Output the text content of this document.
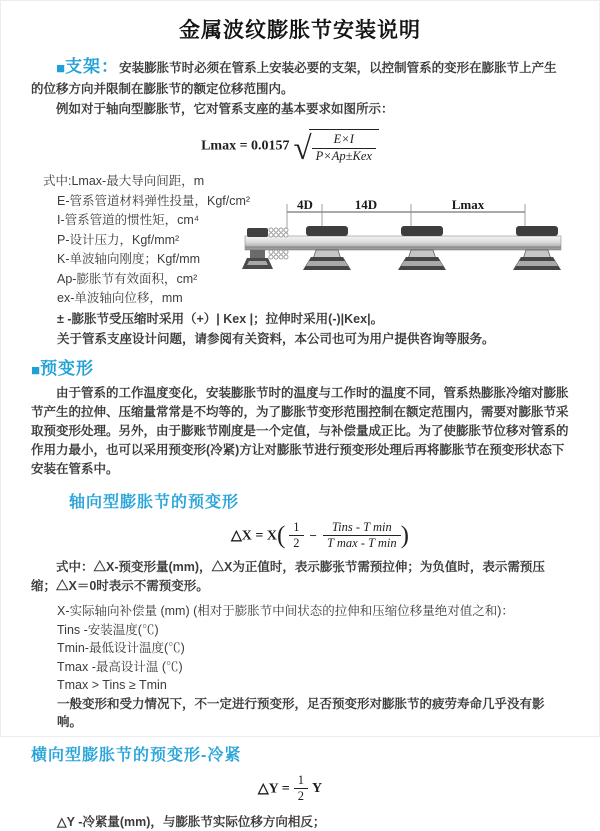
金属波纹膨胀节安装说明

■支架：安装膨胀节时必须在管系上安装必要的支架，以控制管系的变形在膨胀节上产生的位移方向并限制在膨胀节的额定位移范围内。

例如对于轴向型膨胀节，它对管系支座的基本要求如图所示：

Lmax = 0.0157 √ $\frac{E\times I}{\text{P×Ap±Kex}}$
式中:Lmax-最大导向间距，m
E-管系管道材料弹性投量，Kgf/cm²
I-管系管道的惯性矩，cm⁴
P-设计压力，Kgf/mm²
K-单波轴向刚度；Kgf/mm
Ap-膨胀节有效面积，cm²
ex-单波轴向位移，mm
4D	14D	Lmax

± -膨胀节受压缩时采用（+）| Kex |；拉伸时采用(-)|Kex|。

关于管系支座设计问题，请参阅有关资料，本公司也可为用户提供咨询等服务。

■预变形

由于管系的工作温度变化，安装膨胀节时的温度与工作时的温度不同，管系热膨胀冷缩对膨胀节产生的拉伸、压缩量常常是不均等的，为了膨胀节变形范围控制在额定范围内，需要对膨胀节采取预变形处理。另外，由于膨账节刚度是一个定值，与补偿量成正比。为了使膨胀节位移对管系的作用力最小，也可以采用预变形(冷紧)方让对膨胀节进行预变形处理后再将膨胀节在预变形状态下安装在管系中。

轴向型膨胀节的预变形

△X = $X( \frac{1}{2} - \frac{\text{Tins - T min}}{\text{T max - T min}}$ )

式中：△X-预变形量(mm)，△X为正值时，表示膨张节需预拉伸；为负值时，表示需预压缩；△X＝0时表示不需预变形。

X-实际轴向补偿量 (mm) (相对于膨胀节中间状态的拉伸和压缩位移量绝对值之和)：

Tins -安装温度(℃)

Tmin-最低设计温度(℃)

Tmax -最高设计温 (℃)

Tmax > Tins ≥ Tmin

一般变形和受力情况下，不一定进行预变形，足否预变形对膨胀节的疲劳寿命几乎没有影响。

横向型膨胀节的预变形-冷紧

△Y = $\frac{1}{2}$ Y

△Y -冷紧量(mm)，与膨胀节实际位移方向相反；
